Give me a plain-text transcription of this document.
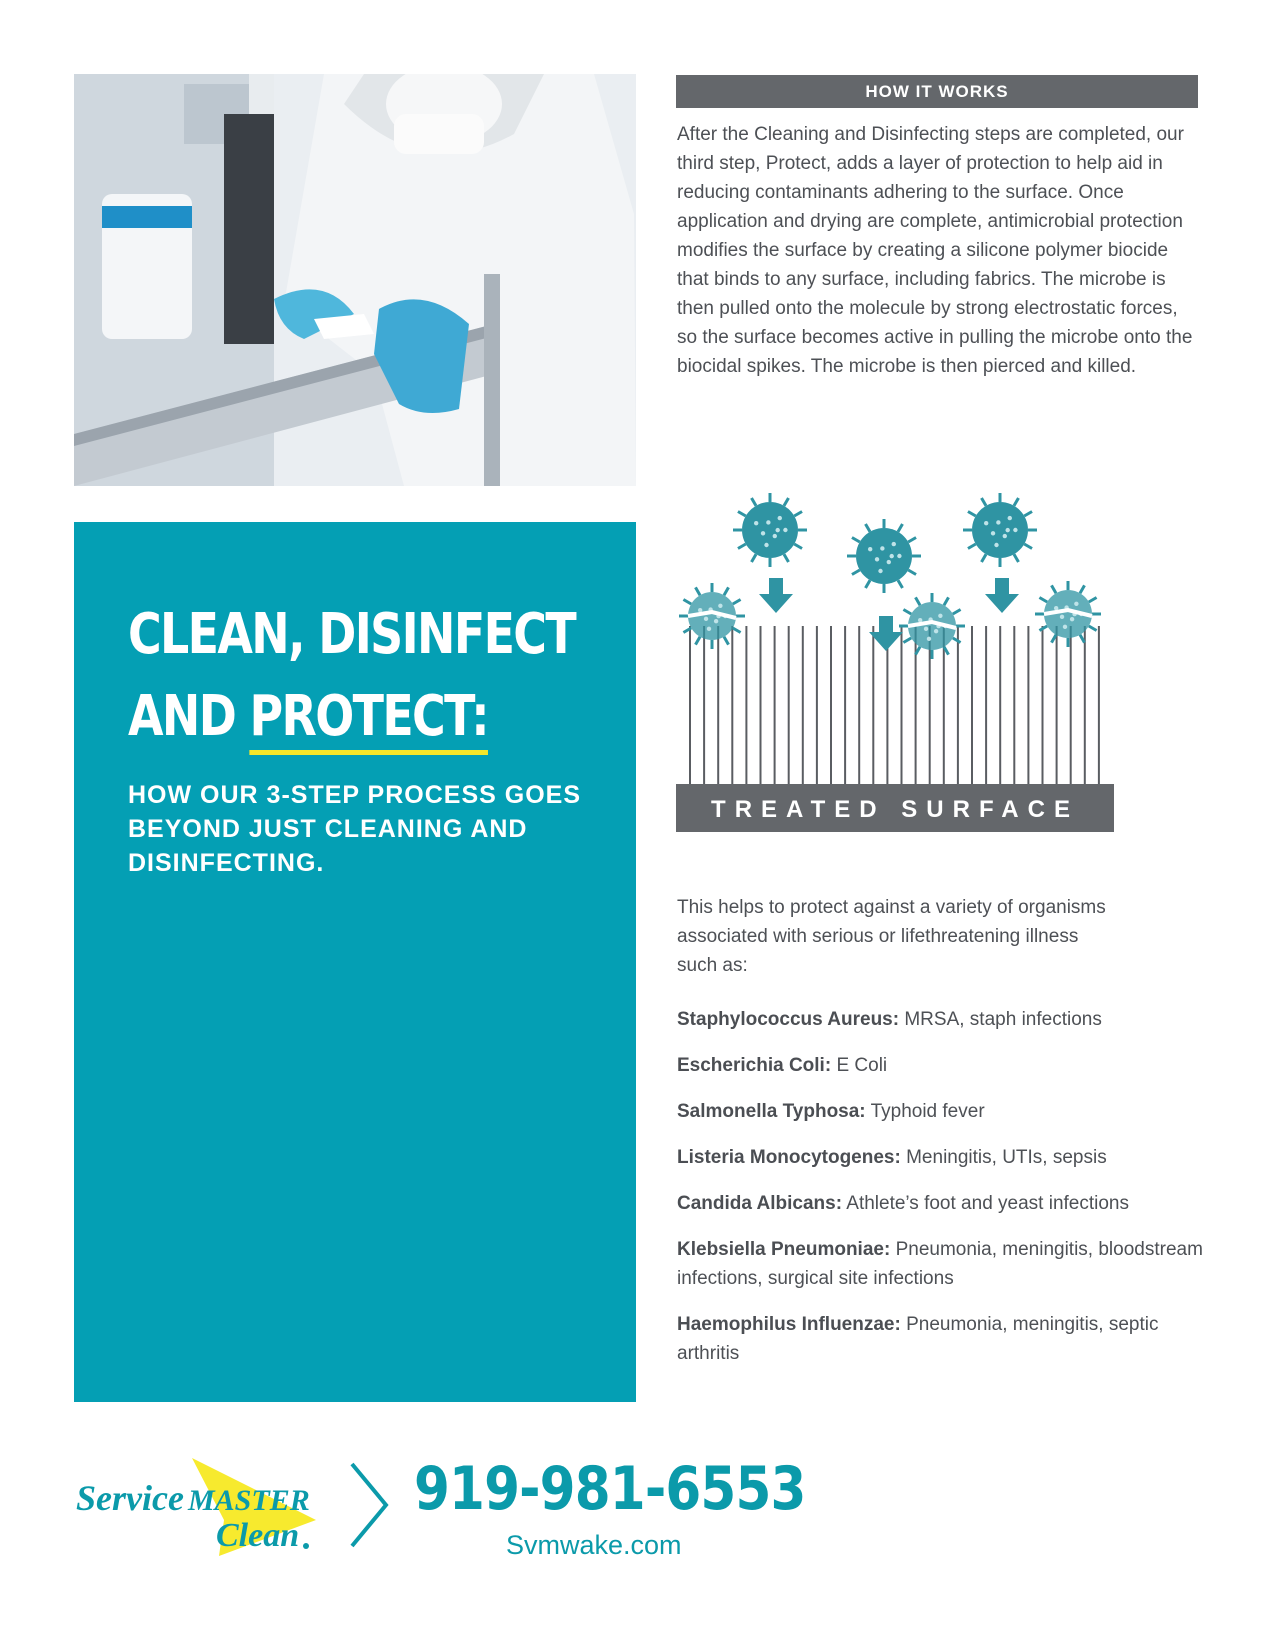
CLEAN, DISINFECT
AND PROTECT:

HOW OUR 3-STEP PROCESS GOES BEYOND JUST CLEANING AND DISINFECTING.

HOW IT WORKS

After the Cleaning and Disinfecting steps are completed, our third step, Protect, adds a layer of protection to help aid in reducing contaminants adhering to the surface. Once application and drying are complete, antimicrobial protection modifies the surface by creating a silicone polymer biocide that binds to any surface, including fabrics. The microbe is then pulled onto the molecule by strong electrostatic forces, so the surface becomes active in pulling the microbe onto the biocidal spikes. The microbe is then pierced and killed.

TREATED SURFACE

This helps to protect against a variety of organisms associated with serious or lifethreatening illness such as:

Staphylococcus Aureus: MRSA, staph infections
Escherichia Coli: E Coli
Salmonella Typhosa: Typhoid fever
Listeria Monocytogenes: Meningitis, UTIs, sepsis
Candida Albicans: Athlete’s foot and yeast infections
Klebsiella Pneumoniae: Pneumonia, meningitis, bloodstream infections, surgical site infections
Haemophilus Influenzae: Pneumonia, meningitis, septic arthritis
Service MASTER
Clean

919-981-6553

Svmwake.com
